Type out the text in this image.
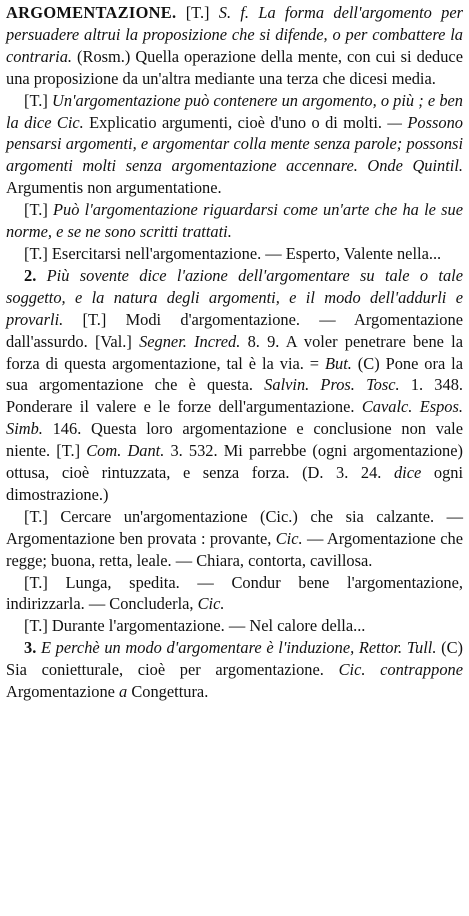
ARGOMENTAZIONE. [T.] S. f. La forma dell'argomento per persuadere altrui la proposizione che si difende, o per combattere la contraria. (Rosm.) Quella operazione della mente, con cui si deduce una proposizione da un'altra mediante una terza che dicesi media.

[T.] Un'argomentazione può contenere un argomento, o più ; e ben la dice Cic. Explicatio argumenti, cioè d'uno o di molti. — Possono pensarsi argomenti, e argomentar colla mente senza parole; possonsi argomenti molti senza argomentazione accennare. Onde Quintil. Argumentis non argumentatione.

[T.] Può l'argomentazione riguardarsi come un'arte che ha le sue norme, e se ne sono scritti trattati.

[T.] Esercitarsi nell'argomentazione. — Esperto, Valente nella...

2. Più sovente dice l'azione dell'argomentare su tale o tale soggetto, e la natura degli argomenti, e il modo dell'addurli e provarli. [T.] Modi d'argomentazione. — Argomentazione dall'assurdo. [Val.] Segner. Incred. 8. 9. A voler penetrare bene la forza di questa argomentazione, tal è la via. = But. (C) Pone ora la sua argomentazione che è questa. Salvin. Pros. Tosc. 1. 348. Ponderare il valere e le forze dell'argumentazione. Cavalc. Espos. Simb. 146. Questa loro argomentazione e conclusione non vale niente. [T.] Com. Dant. 3. 532. Mi parrebbe (ogni argomentazione) ottusa, cioè rintuzzata, e senza forza. (D. 3. 24. dice ogni dimostrazione.)

[T.] Cercare un'argomentazione (Cic.) che sia calzante. — Argomentazione ben provata : provante, Cic. — Argomentazione che regge; buona, retta, leale. — Chiara, contorta, cavillosa.

[T.] Lunga, spedita. — Condur bene l'argomentazione, indirizzarla. — Concluderla, Cic.

[T.] Durante l'argomentazione. — Nel calore della...

3. E perchè un modo d'argomentare è l'induzione, Rettor. Tull. (C) Sia conietturale, cioè per argomentazione. Cic. contrappone Argomentazione a Congettura.
